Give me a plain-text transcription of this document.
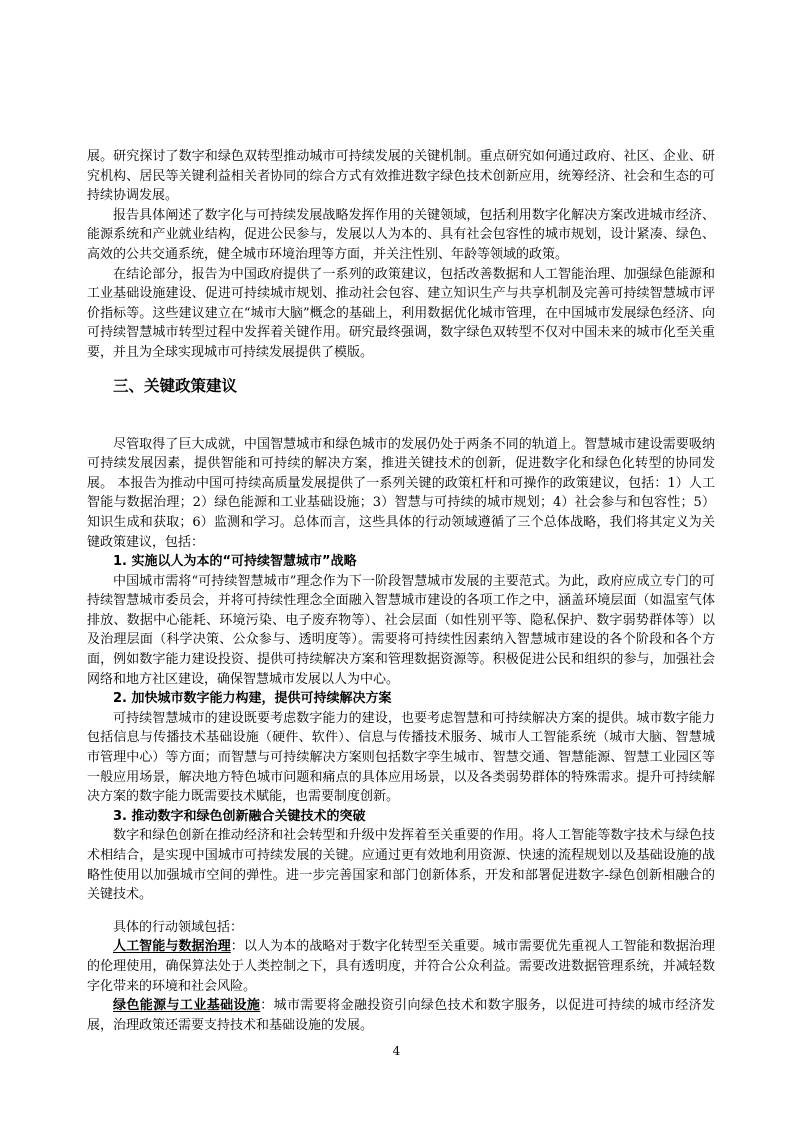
展。研究探讨了数字和绿色双转型推动城市可持续发展的关键机制。重点研究如何通过政府、社区、企业、研究机构、居民等关键利益相关者协同的综合方式有效推进数字绿色技术创新应用，统筹经济、社会和生态的可持续协调发展。

报告具体阐述了数字化与可持续发展战略发挥作用的关键领域，包括利用数字化解决方案改进城市经济、能源系统和产业就业结构，促进公民参与，发展以人为本的、具有社会包容性的城市规划，设计紧凑、绿色、高效的公共交通系统，健全城市环境治理等方面，并关注性别、年龄等领域的政策。

在结论部分，报告为中国政府提供了一系列的政策建议，包括改善数据和人工智能治理、加强绿色能源和工业基础设施建设、促进可持续城市规划、推动社会包容、建立知识生产与共享机制及完善可持续智慧城市评价指标等。这些建议建立在“城市大脑”概念的基础上，利用数据优化城市管理，在中国城市发展绿色经济、向可持续智慧城市转型过程中发挥着关键作用。研究最终强调，数字绿色双转型不仅对中国未来的城市化至关重要，并且为全球实现城市可持续发展提供了模版。

三、关键政策建议

尽管取得了巨大成就，中国智慧城市和绿色城市的发展仍处于两条不同的轨道上。智慧城市建设需要吸纳可持续发展因素，提供智能和可持续的解决方案，推进关键技术的创新，促进数字化和绿色化转型的协同发展。 本报告为推动中国可持续高质量发展提供了一系列关键的政策杠杆和可操作的政策建议，包括：1）人工智能与数据治理；2）绿色能源和工业基础设施；3）智慧与可持续的城市规划；4）社会参与和包容性；5）知识生成和获取；6）监测和学习。总体而言，这些具体的行动领域遵循了三个总体战略，我们将其定义为关键政策建议，包括：

1. 实施以人为本的“可持续智慧城市”战略

中国城市需将“可持续智慧城市”理念作为下一阶段智慧城市发展的主要范式。为此，政府应成立专门的可持续智慧城市委员会，并将可持续性理念全面融入智慧城市建设的各项工作之中，涵盖环境层面（如温室气体排放、数据中心能耗、环境污染、电子废弃物等）、社会层面（如性别平等、隐私保护、数字弱势群体等）以及治理层面（科学决策、公众参与、透明度等）。需要将可持续性因素纳入智慧城市建设的各个阶段和各个方面，例如数字能力建设投资、提供可持续解决方案和管理数据资源等。积极促进公民和组织的参与，加强社会网络和地方社区建设，确保智慧城市发展以人为中心。

2. 加快城市数字能力构建，提供可持续解决方案

可持续智慧城市的建设既要考虑数字能力的建设，也要考虑智慧和可持续解决方案的提供。城市数字能力包括信息与传播技术基础设施（硬件、软件）、信息与传播技术服务、城市人工智能系统（城市大脑、智慧城市管理中心）等方面；而智慧与可持续解决方案则包括数字孪生城市、智慧交通、智慧能源、智慧工业园区等一般应用场景，解决地方特色城市问题和痛点的具体应用场景，以及各类弱势群体的特殊需求。提升可持续解决方案的数字能力既需要技术赋能，也需要制度创新。

3. 推动数字和绿色创新融合关键技术的突破

数字和绿色创新在推动经济和社会转型和升级中发挥着至关重要的作用。将人工智能等数字技术与绿色技术相结合，是实现中国城市可持续发展的关键。应通过更有效地利用资源、快速的流程规划以及基础设施的战略性使用以加强城市空间的弹性。进一步完善国家和部门创新体系，开发和部署促进数字-绿色创新相融合的关键技术。

具体的行动领域包括：

人工智能与数据治理：以人为本的战略对于数字化转型至关重要。城市需要优先重视人工智能和数据治理的伦理使用，确保算法处于人类控制之下，具有透明度，并符合公众利益。需要改进数据管理系统，并减轻数字化带来的环境和社会风险。

绿色能源与工业基础设施：城市需要将金融投资引向绿色技术和数字服务，以促进可持续的城市经济发展，治理政策还需要支持技术和基础设施的发展。

4
